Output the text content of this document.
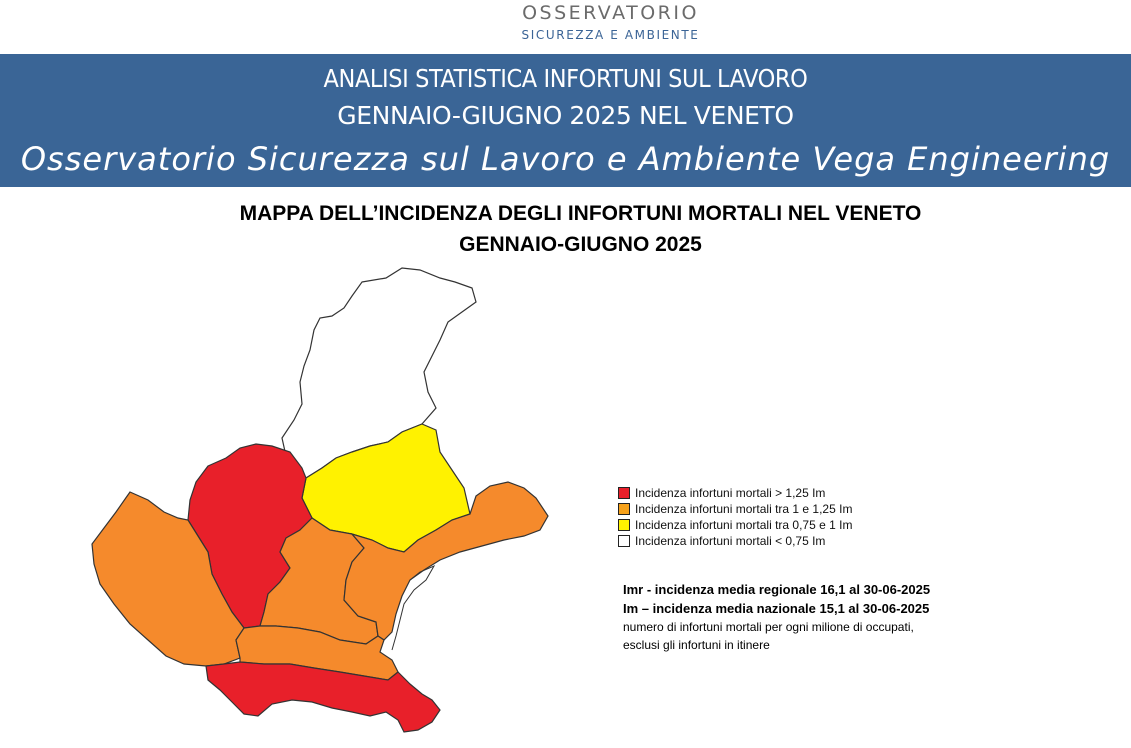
OSSERVATORIO
SICUREZZA E AMBIENTE
ANALISI STATISTICA INFORTUNI SUL LAVORO
GENNAIO-GIUGNO 2025 NEL VENETO
Osservatorio Sicurezza sul Lavoro e Ambiente Vega Engineering
MAPPA DELL’INCIDENZA DEGLI INFORTUNI MORTALI NEL VENETO
GENNAIO-GIUGNO 2025
Incidenza infortuni mortali > 1,25 Im
Incidenza infortuni mortali tra 1 e 1,25 Im
Incidenza infortuni mortali tra 0,75 e 1 Im
Incidenza infortuni mortali < 0,75 Im
Imr - incidenza media regionale 16,1 al 30-06-2025
Im – incidenza media nazionale 15,1 al 30-06-2025
numero di infortuni mortali per ogni milione di occupati,
esclusi gli infortuni in itinere
